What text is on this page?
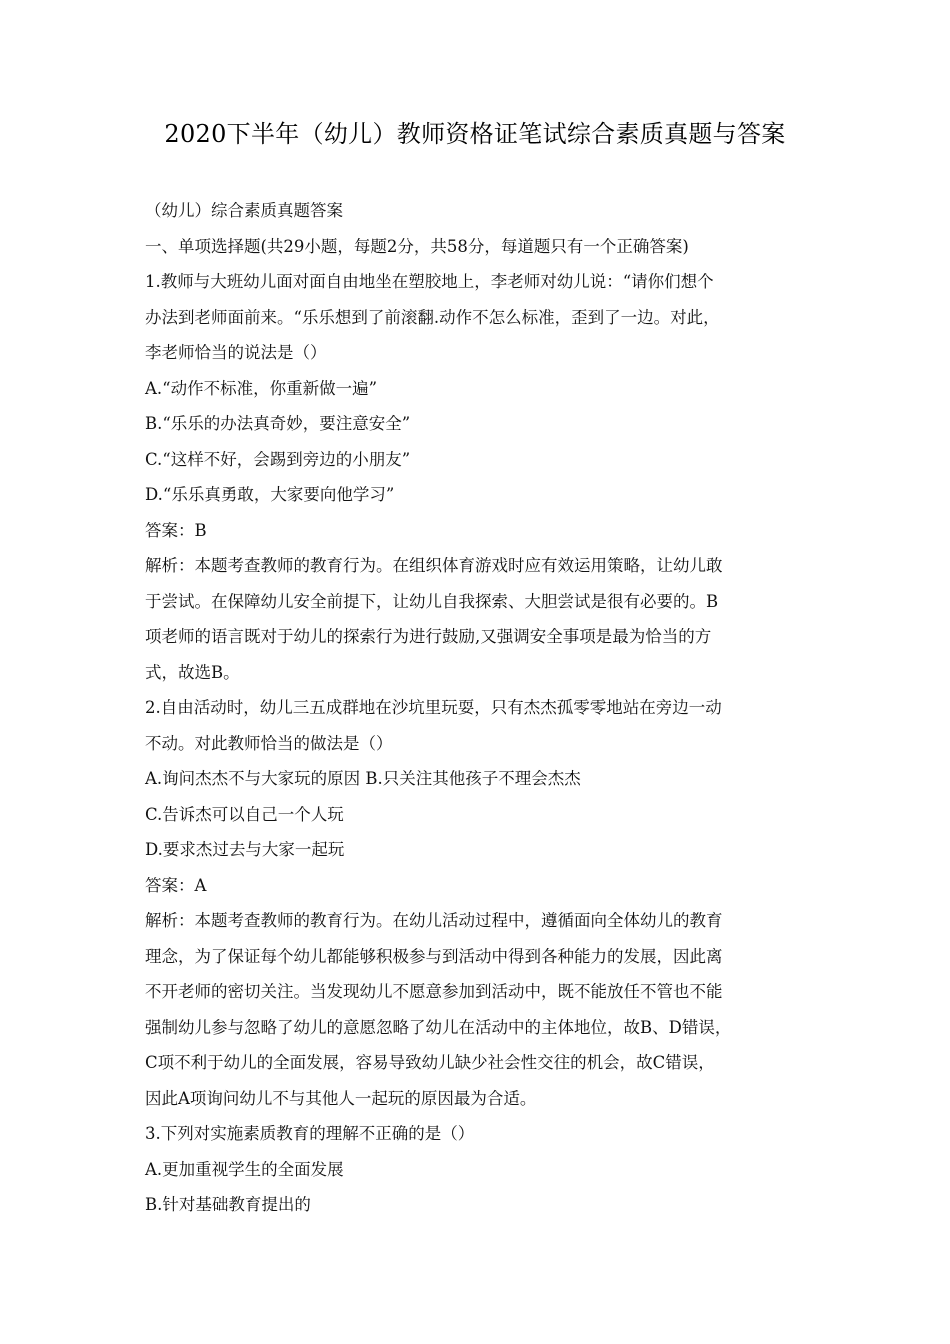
2020下半年（幼儿）教师资格证笔试综合素质真题与答案
（幼儿）综合素质真题答案
一、单项选择题(共29小题，每题2分，共58分，每道题只有一个正确答案)
1.教师与大班幼儿面对面自由地坐在塑胶地上，李老师对幼儿说：“请你们想个
办法到老师面前来。“乐乐想到了前滚翻.动作不怎么标准，歪到了一边。对此，
李老师恰当的说法是（）
A.“动作不标准，你重新做一遍”
B.“乐乐的办法真奇妙，要注意安全”
C.“这样不好，会踢到旁边的小朋友”
D.“乐乐真勇敢，大家要向他学习”
答案：B
解析：本题考查教师的教育行为。在组织体育游戏时应有效运用策略，让幼儿敢
于尝试。在保障幼儿安全前提下，让幼儿自我探索、大胆尝试是很有必要的。B
项老师的语言既对于幼儿的探索行为进行鼓励,又强调安全事项是最为恰当的方
式，故选B。
2.自由活动时，幼儿三五成群地在沙坑里玩耍，只有杰杰孤零零地站在旁边一动
不动。对此教师恰当的做法是（）
A.询问杰杰不与大家玩的原因 B.只关注其他孩子不理会杰杰
C.告诉杰可以自己一个人玩
D.要求杰过去与大家一起玩
答案：A
解析：本题考查教师的教育行为。在幼儿活动过程中，遵循面向全体幼儿的教育
理念，为了保证每个幼儿都能够积极参与到活动中得到各种能力的发展，因此离
不开老师的密切关注。当发现幼儿不愿意参加到活动中，既不能放任不管也不能
强制幼儿参与忽略了幼儿的意愿忽略了幼儿在活动中的主体地位，故B、D错误，
C项不利于幼儿的全面发展，容易导致幼儿缺少社会性交往的机会，故C错误，
因此A项询问幼儿不与其他人一起玩的原因最为合适。
3.下列对实施素质教育的理解不正确的是（）
A.更加重视学生的全面发展
B.针对基础教育提出的
